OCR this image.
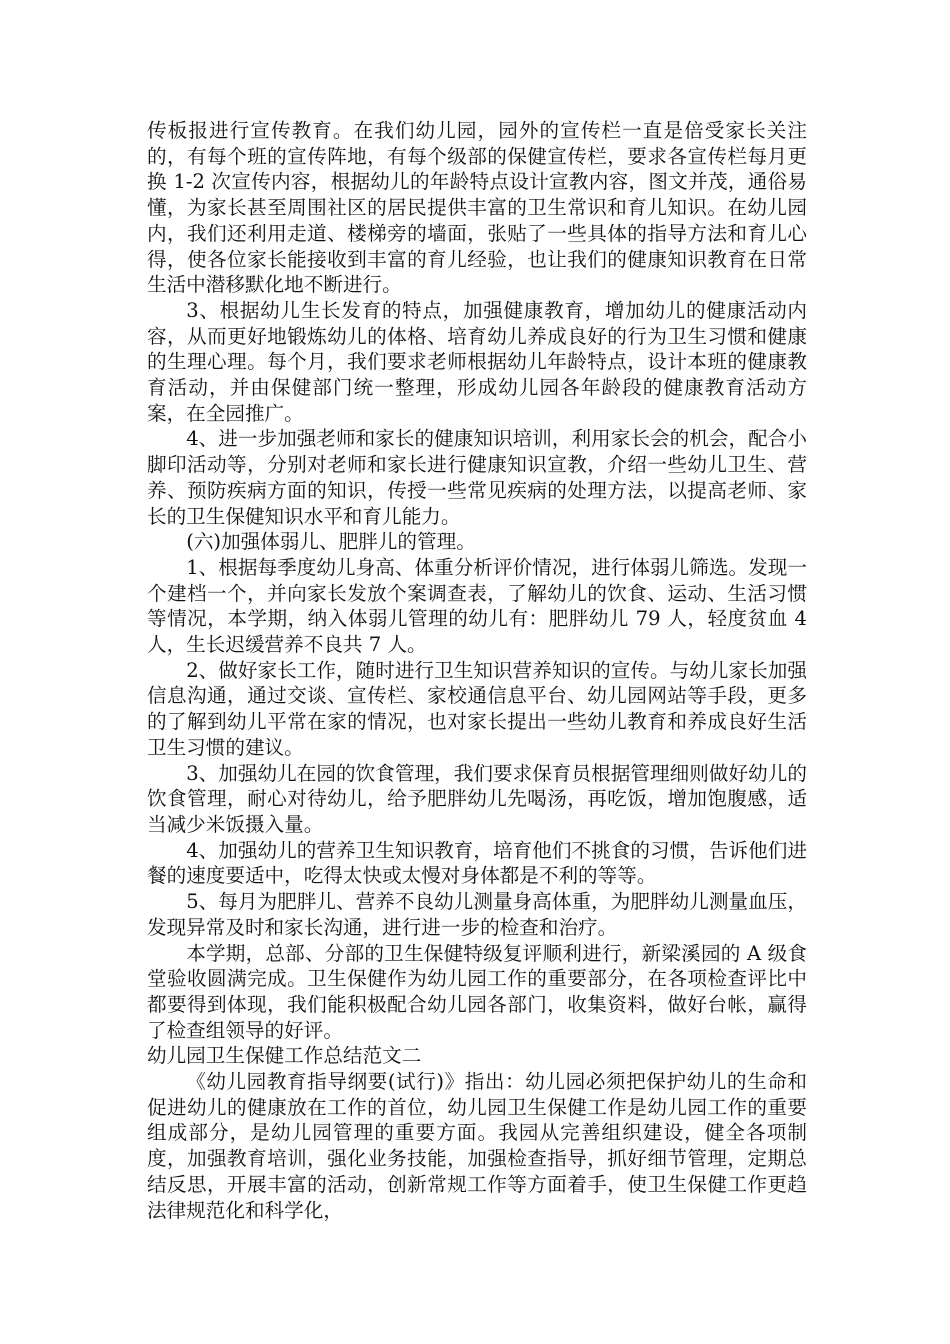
传板报进行宣传教育。在我们幼儿园，园外的宣传栏一直是倍受家长关注的，有每个班的宣传阵地，有每个级部的保健宣传栏，要求各宣传栏每月更换 1-2 次宣传内容，根据幼儿的年龄特点设计宣教内容，图文并茂，通俗易懂，为家长甚至周围社区的居民提供丰富的卫生常识和育儿知识。在幼儿园内，我们还利用走道、楼梯旁的墙面，张贴了一些具体的指导方法和育儿心得，使各位家长能接收到丰富的育儿经验，也让我们的健康知识教育在日常生活中潜移默化地不断进行。

3、根据幼儿生长发育的特点，加强健康教育，增加幼儿的健康活动内容，从而更好地锻炼幼儿的体格、培育幼儿养成良好的行为卫生习惯和健康的生理心理。每个月，我们要求老师根据幼儿年龄特点，设计本班的健康教育活动，并由保健部门统一整理，形成幼儿园各年龄段的健康教育活动方案，在全园推广。

4、进一步加强老师和家长的健康知识培训，利用家长会的机会，配合小脚印活动等，分别对老师和家长进行健康知识宣教，介绍一些幼儿卫生、营养、预防疾病方面的知识，传授一些常见疾病的处理方法，以提高老师、家长的卫生保健知识水平和育儿能力。

(六)加强体弱儿、肥胖儿的管理。

1、根据每季度幼儿身高、体重分析评价情况，进行体弱儿筛选。发现一个建档一个，并向家长发放个案调查表，了解幼儿的饮食、运动、生活习惯等情况，本学期，纳入体弱儿管理的幼儿有：肥胖幼儿 79 人，轻度贫血 4 人，生长迟缓营养不良共 7 人。

2、做好家长工作，随时进行卫生知识营养知识的宣传。与幼儿家长加强信息沟通，通过交谈、宣传栏、家校通信息平台、幼儿园网站等手段，更多的了解到幼儿平常在家的情况，也对家长提出一些幼儿教育和养成良好生活卫生习惯的建议。

3、加强幼儿在园的饮食管理，我们要求保育员根据管理细则做好幼儿的饮食管理，耐心对待幼儿，给予肥胖幼儿先喝汤，再吃饭，增加饱腹感，适当减少米饭摄入量。

4、加强幼儿的营养卫生知识教育，培育他们不挑食的习惯，告诉他们进餐的速度要适中，吃得太快或太慢对身体都是不利的等等。

5、每月为肥胖儿、营养不良幼儿测量身高体重，为肥胖幼儿测量血压，发现异常及时和家长沟通，进行进一步的检查和治疗。

本学期，总部、分部的卫生保健特级复评顺利进行，新梁溪园的 A 级食堂验收圆满完成。卫生保健作为幼儿园工作的重要部分，在各项检查评比中都要得到体现，我们能积极配合幼儿园各部门，收集资料，做好台帐，赢得了检查组领导的好评。

幼儿园卫生保健工作总结范文二

《幼儿园教育指导纲要(试行)》指出：幼儿园必须把保护幼儿的生命和促进幼儿的健康放在工作的首位，幼儿园卫生保健工作是幼儿园工作的重要组成部分，是幼儿园管理的重要方面。我园从完善组织建设，健全各项制度，加强教育培训，强化业务技能，加强检查指导，抓好细节管理，定期总结反思，开展丰富的活动，创新常规工作等方面着手，使卫生保健工作更趋法律规范化和科学化，
